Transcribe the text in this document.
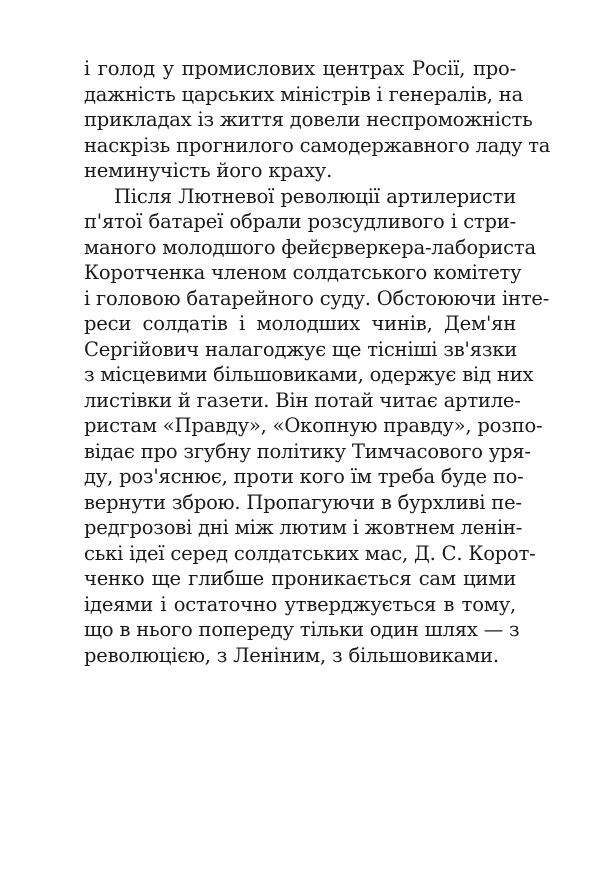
і голод у промислових центрах Росії, про-
дажність царських міністрів і генералів, на
прикладах із життя довели неспроможність
наскрізь прогнилого самодержавного ладу та
неминучість його краху.
Після Лютневої революції артилеристи
п'ятої батареї обрали розсудливого і стри-
маного молодшого фейєрверкера-лабориста
Коротченка членом солдатського комітету
і головою батарейного суду. Обстоюючи інте-
реси солдатів і молодших чинів, Дем'ян
Сергійович налагоджує ще тісніші зв'язки
з місцевими більшовиками, одержує від них
листівки й газети. Він потай читає артиле-
ристам «Правду», «Окопную правду», розпо-
відає про згубну політику Тимчасового уря-
ду, роз'яснює, проти кого їм треба буде по-
вернути зброю. Пропагуючи в бурхливі пе-
редгрозові дні між лютим і жовтнем ленін-
ські ідеї серед солдатських мас, Д. С. Корот-
ченко ще глибше проникається сам цими
ідеями і остаточно утверджується в тому,
що в нього попереду тільки один шлях — з
революцією, з Леніним, з більшовиками.
